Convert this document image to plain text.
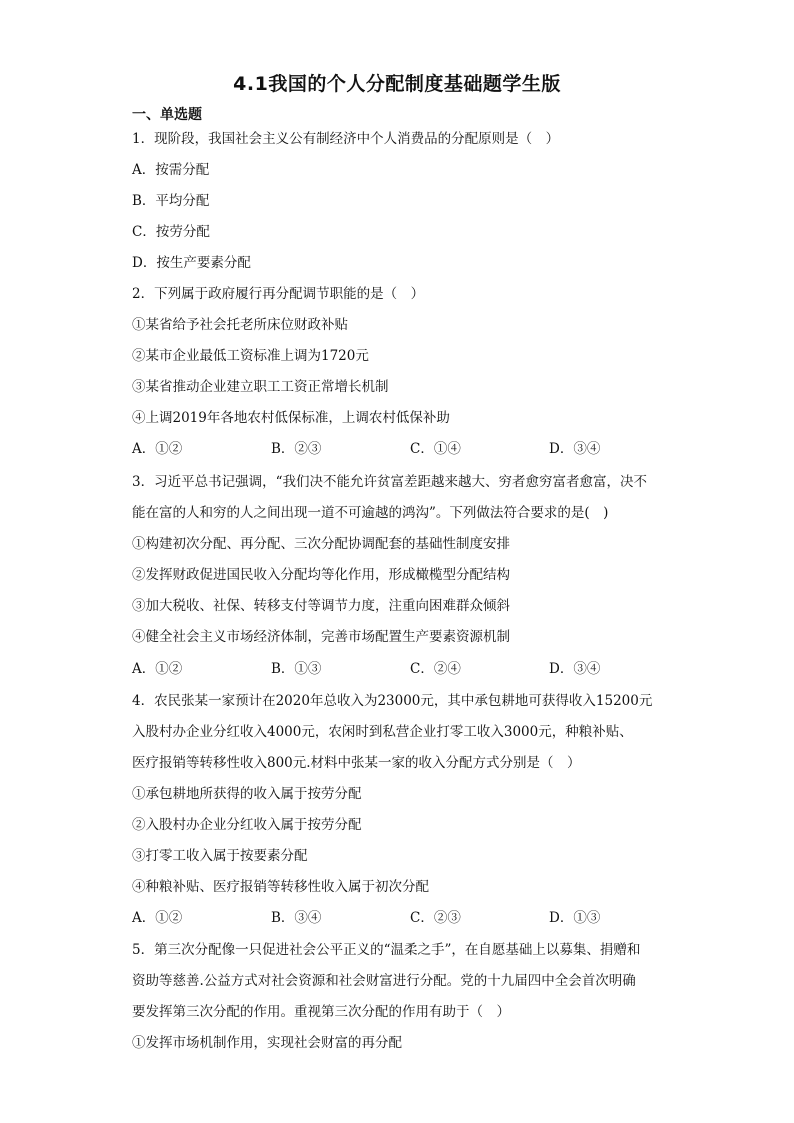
4.1我国的个人分配制度基础题学生版
一、单选题
1．现阶段，我国社会主义公有制经济中个人消费品的分配原则是（　）
A．按需分配
B．平均分配
C．按劳分配
D．按生产要素分配
2．下列属于政府履行再分配调节职能的是（　）
①某省给予社会托老所床位财政补贴
②某市企业最低工资标准上调为1720元
③某省推动企业建立职工工资正常增长机制
④上调2019年各地农村低保标准，上调农村低保补助
A．①②	B．②③	C．①④	D．③④
3．习近平总书记强调，“我们决不能允许贫富差距越来越大、穷者愈穷富者愈富，决不
能在富的人和穷的人之间出现一道不可逾越的鸿沟”。下列做法符合要求的是(　)
①构建初次分配、再分配、三次分配协调配套的基础性制度安排
②发挥财政促进国民收入分配均等化作用，形成橄榄型分配结构
③加大税收、社保、转移支付等调节力度，注重向困难群众倾斜
④健全社会主义市场经济体制，完善市场配置生产要素资源机制
A．①②	B．①③	C．②④	D．③④
4．农民张某一家预计在2020年总收入为23000元，其中承包耕地可获得收入15200元
入股村办企业分红收入4000元，农闲时到私营企业打零工收入3000元，种粮补贴、
医疗报销等转移性收入800元.材料中张某一家的收入分配方式分别是（　）
①承包耕地所获得的收入属于按劳分配
②入股村办企业分红收入属于按劳分配
③打零工收入属于按要素分配
④种粮补贴、医疗报销等转移性收入属于初次分配
A．①②	B．③④	C．②③	D．①③
5．第三次分配像一只促进社会公平正义的“温柔之手”，在自愿基础上以募集、捐赠和
资助等慈善.公益方式对社会资源和社会财富进行分配。党的十九届四中全会首次明确
要发挥第三次分配的作用。重视第三次分配的作用有助于（　）
①发挥市场机制作用，实现社会财富的再分配
